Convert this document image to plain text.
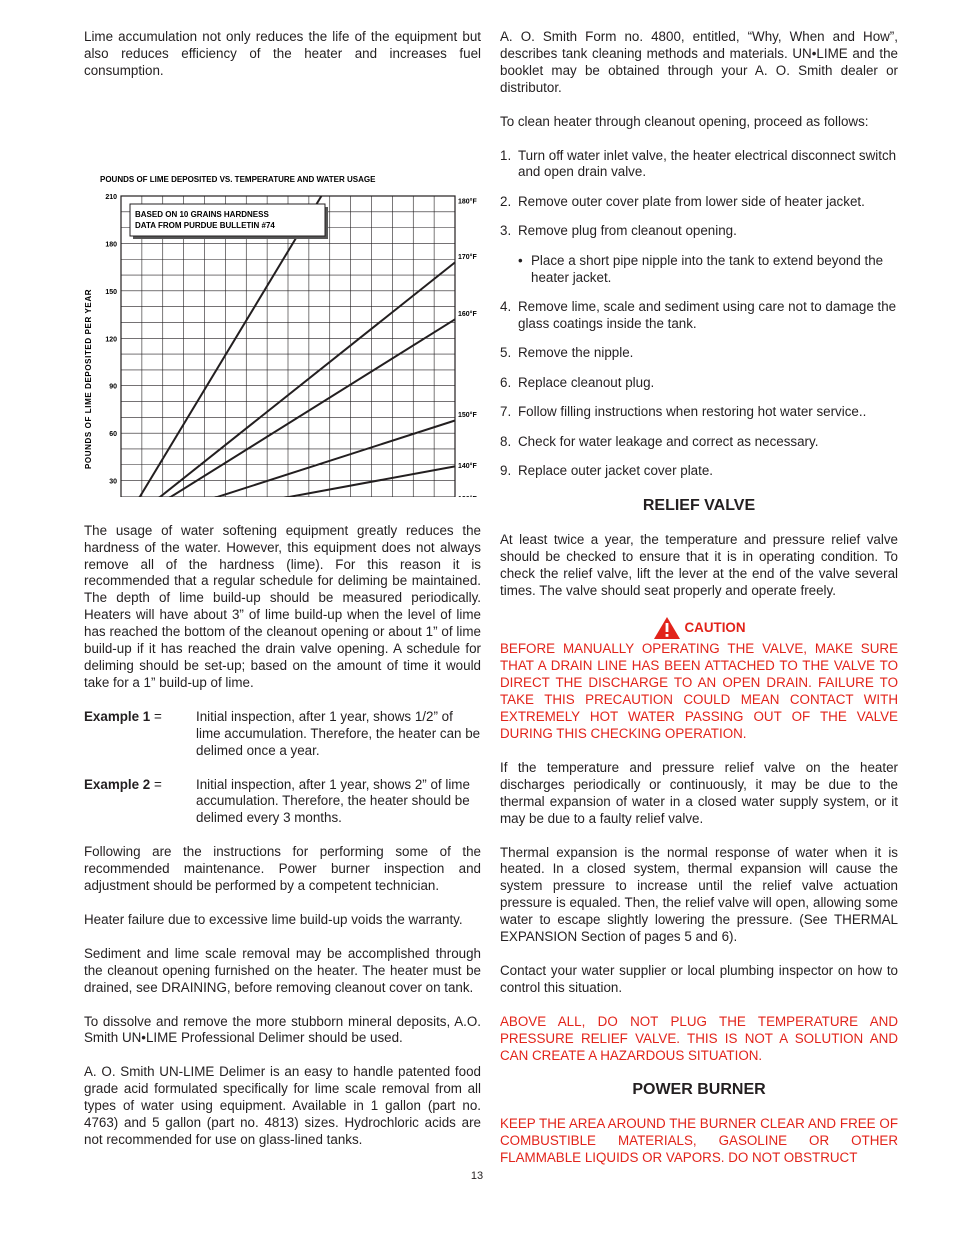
Lime accumulation not only reduces the life of the equipment but also reduces efficiency of the heater and increases fuel consumption.

POUNDS OF LIME DEPOSITED VS. TEMPERATURE AND WATER USAGE
210
180
150
120
90
60
30
180°F
170°F
160°F
150°F
140°F
BASED ON 10 GRAINS HARDNESS
DATA FROM PURDUE BULLETIN #74
POUNDS OF LIME DEPOSITED PER YEAR

The usage of water softening equipment greatly reduces the hardness of the water. However, this equipment does not always remove all of the hardness (lime). For this reason it is recommended that a regular schedule for deliming be maintained. The depth of lime build-up should be measured periodically. Heaters will have about 3” of lime build-up when the level of lime has reached the bottom of the cleanout opening or about 1” of lime build-up if it has reached the drain valve opening. A schedule for deliming should be set-up; based on the amount of time it would take for a 1” build-up of lime.

Example 1 =	Initial inspection, after 1 year, shows 1/2” of lime accumulation. Therefore, the heater can be delimed once a year.
Example 2 =	Initial inspection, after 1 year, shows 2” of lime accumulation. Therefore, the heater should be delimed every 3 months.

Following are the instructions for performing some of the recommended maintenance. Power burner inspection and adjustment should be performed by a competent technician.

Heater failure due to excessive lime build-up voids the warranty.

Sediment and lime scale removal may be accomplished through the cleanout opening furnished on the heater. The heater must be drained, see DRAINING, before removing cleanout cover on tank.

To dissolve and remove the more stubborn mineral deposits, A.O. Smith UN•LIME Professional Delimer should be used.

A. O. Smith UN-LIME Delimer is an easy to handle patented food grade acid formulated specifically for lime scale removal from all types of water using equipment. Available in 1 gallon (part no. 4763) and 5 gallon (part no. 4813) sizes. Hydrochloric acids are not recommended for use on glass-lined tanks.

A. O. Smith Form no. 4800, entitled, “Why, When and How”, describes tank cleaning methods and materials. UN•LIME and the booklet may be obtained through your A. O. Smith dealer or distributor.

To clean heater through cleanout opening, proceed as follows:

1. Turn off water inlet valve, the heater electrical disconnect switch and open drain valve.
2. Remove outer cover plate from lower side of heater jacket.
3. Remove plug from cleanout opening.
• Place a short pipe nipple into the tank to extend beyond the heater jacket.
4. Remove lime, scale and sediment using care not to damage the glass coatings inside the tank.
5. Remove the nipple.
6. Replace cleanout plug.
7. Follow filling instructions when restoring hot water service..
8. Check for water leakage and correct as necessary.
9. Replace outer jacket cover plate.
RELIEF VALVE

At least twice a year, the temperature and pressure relief valve should be checked to ensure that it is in operating condition. To check the relief valve, lift the lever at the end of the valve several times. The valve should seat properly and operate freely.

CAUTION

BEFORE MANUALLY OPERATING THE VALVE, MAKE SURE THAT A DRAIN LINE HAS BEEN ATTACHED TO THE VALVE TO DIRECT THE DISCHARGE TO AN OPEN DRAIN. FAILURE TO TAKE THIS PRECAUTION COULD MEAN CONTACT WITH EXTREMELY HOT WATER PASSING OUT OF THE VALVE DURING THIS CHECKING OPERATION.

If the temperature and pressure relief valve on the heater discharges periodically or continuously, it may be due to the thermal expansion of water in a closed water supply system, or it may be due to a faulty relief valve.

Thermal expansion is the normal response of water when it is heated. In a closed system, thermal expansion will cause the system pressure to increase until the relief valve actuation pressure is equaled. Then, the relief valve will open, allowing some water to escape slightly lowering the pressure. (See THERMAL EXPANSION Section of pages 5 and 6).

Contact your water supplier or local plumbing inspector on how to control this situation.

ABOVE ALL, DO NOT PLUG THE TEMPERATURE AND PRESSURE RELIEF VALVE. THIS IS NOT A SOLUTION AND CAN CREATE A HAZARDOUS SITUATION.

POWER BURNER

KEEP THE AREA AROUND THE BURNER CLEAR AND FREE OF COMBUSTIBLE MATERIALS, GASOLINE OR OTHER FLAMMABLE LIQUIDS OR VAPORS. DO NOT OBSTRUCT

13
